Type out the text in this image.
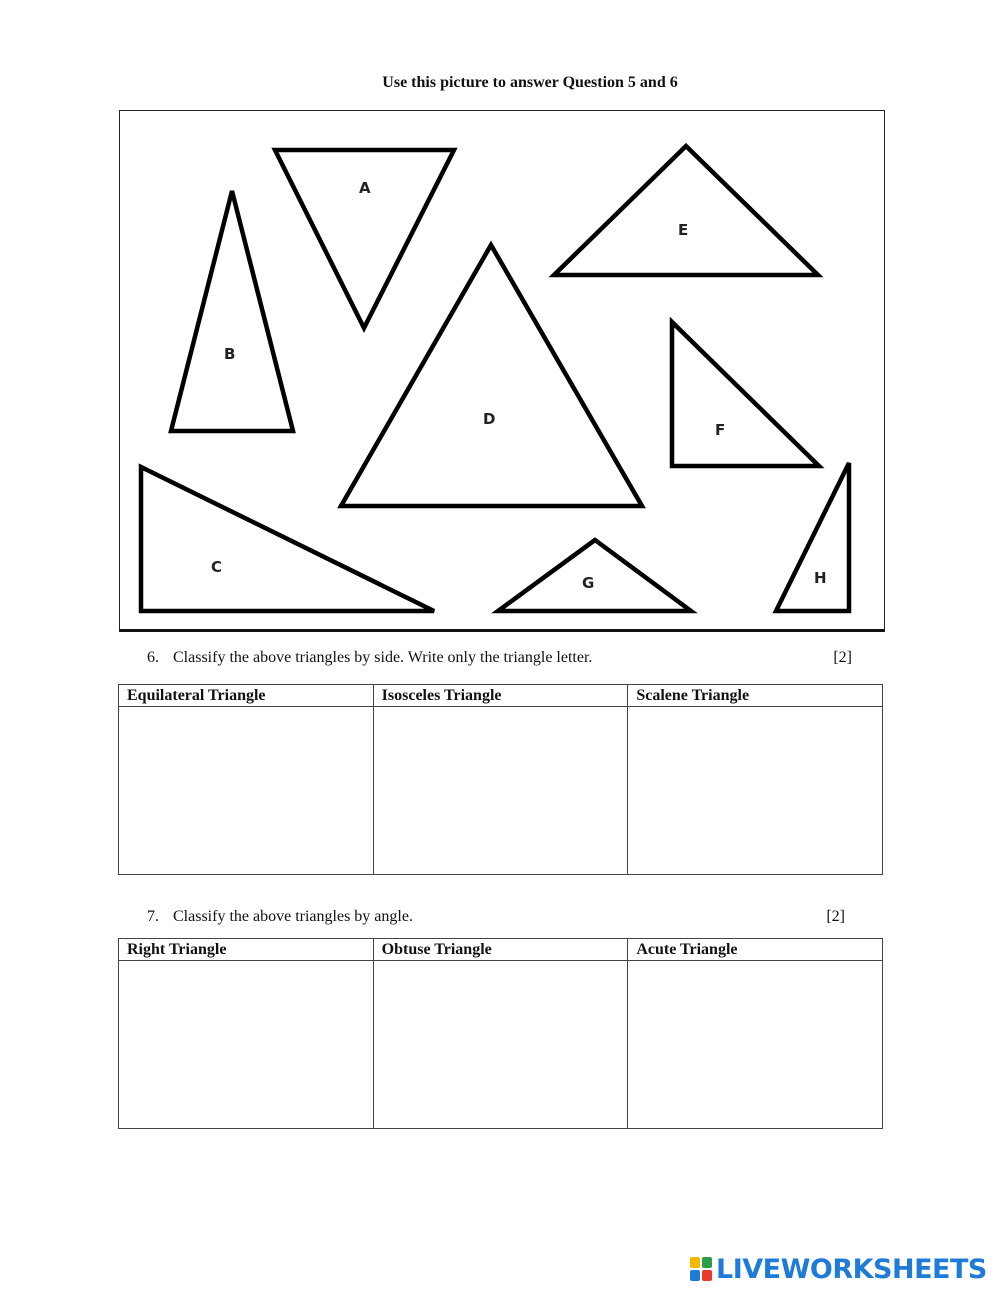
Use this picture to answer Question 5 and 6
A
B
C
D
E
F
G	H
6. Classify the above triangles by side. Write only the triangle letter.	[2]
Equilateral Triangle	Isosceles Triangle	Scalene Triangle

7. Classify the above triangles by angle.	[2]
Right Triangle	Obtuse Triangle	Acute Triangle

LIVEWORKSHEETS
